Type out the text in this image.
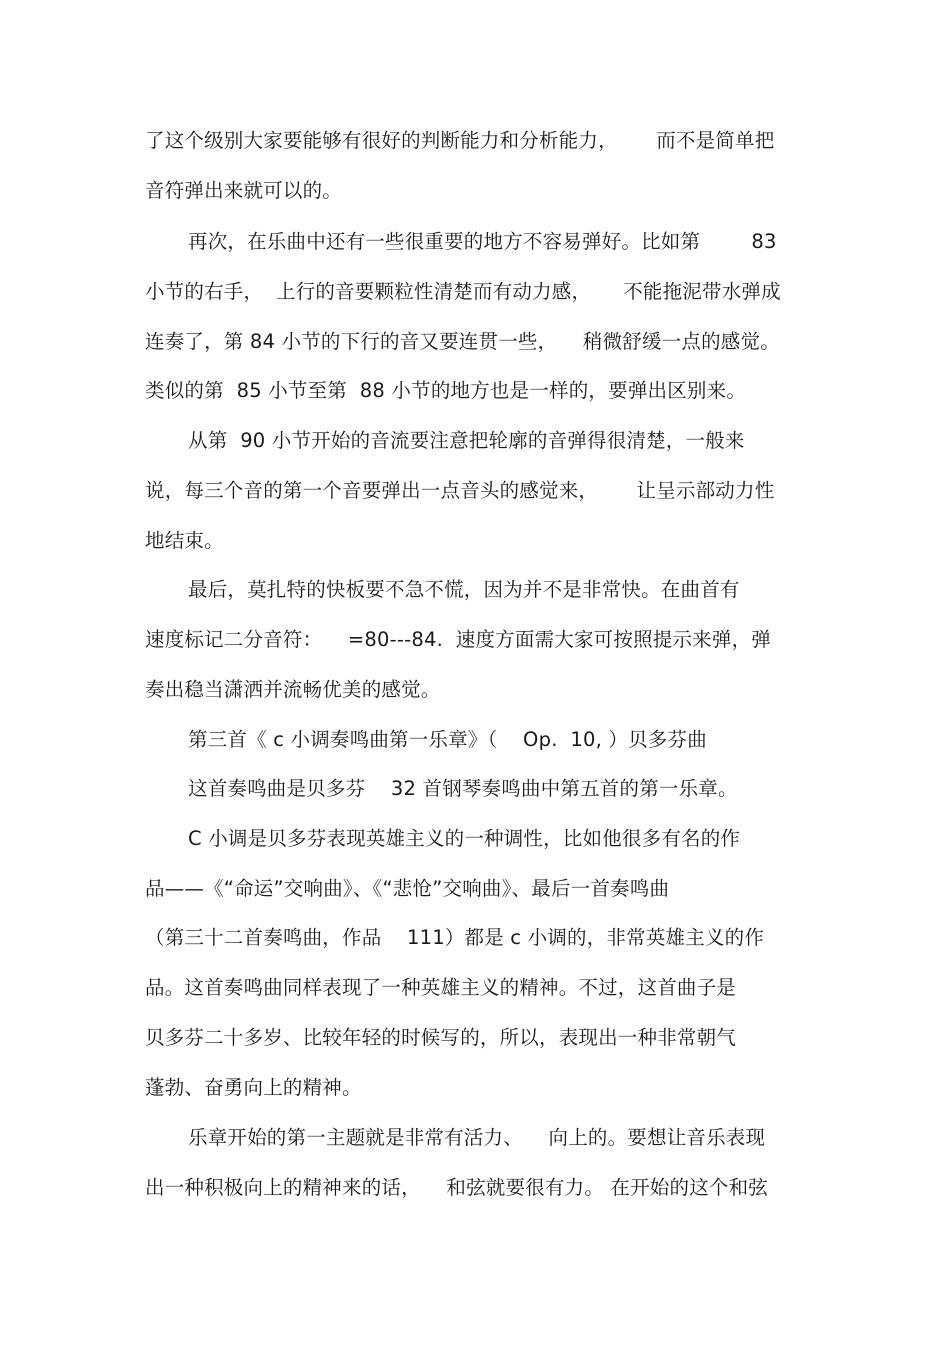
了这个级别大家要能够有很好的判断能力和分析能力，      而不是简单把
音符弹出来就可以的。
再次，在乐曲中还有一些很重要的地方不容易弹好。比如第        83
小节的右手，  上行的音要颗粒性清楚而有动力感，     不能拖泥带水弹成
连奏了，第 84 小节的下行的音又要连贯一些，    稍微舒缓一点的感觉。
类似的第  85 小节至第  88 小节的地方也是一样的，要弹出区别来。
从第  90 小节开始的音流要注意把轮廓的音弹得很清楚，一般来
说，每三个音的第一个音要弹出一点音头的感觉来，      让呈示部动力性
地结束。
最后，莫扎特的快板要不急不慌，因为并不是非常快。在曲首有
速度标记二分音符：    =80---84.  速度方面需大家可按照提示来弹，弹
奏出稳当潇洒并流畅优美的感觉。
第三首《 c 小调奏鸣曲第一乐章》（    Op.  10, ）贝多芬曲
这首奏鸣曲是贝多芬    32 首钢琴奏鸣曲中第五首的第一乐章。
C 小调是贝多芬表现英雄主义的一种调性，比如他很多有名的作
品——《“命运”交响曲》、《“悲怆”交响曲》、最后一首奏鸣曲
（第三十二首奏鸣曲，作品    111）都是 c 小调的，非常英雄主义的作
品。这首奏鸣曲同样表现了一种英雄主义的精神。不过，这首曲子是
贝多芬二十多岁、比较年轻的时候写的，所以，表现出一种非常朝气
蓬勃、奋勇向上的精神。
乐章开始的第一主题就是非常有活力、    向上的。要想让音乐表现
出一种积极向上的精神来的话，    和弦就要很有力。 在开始的这个和弦
